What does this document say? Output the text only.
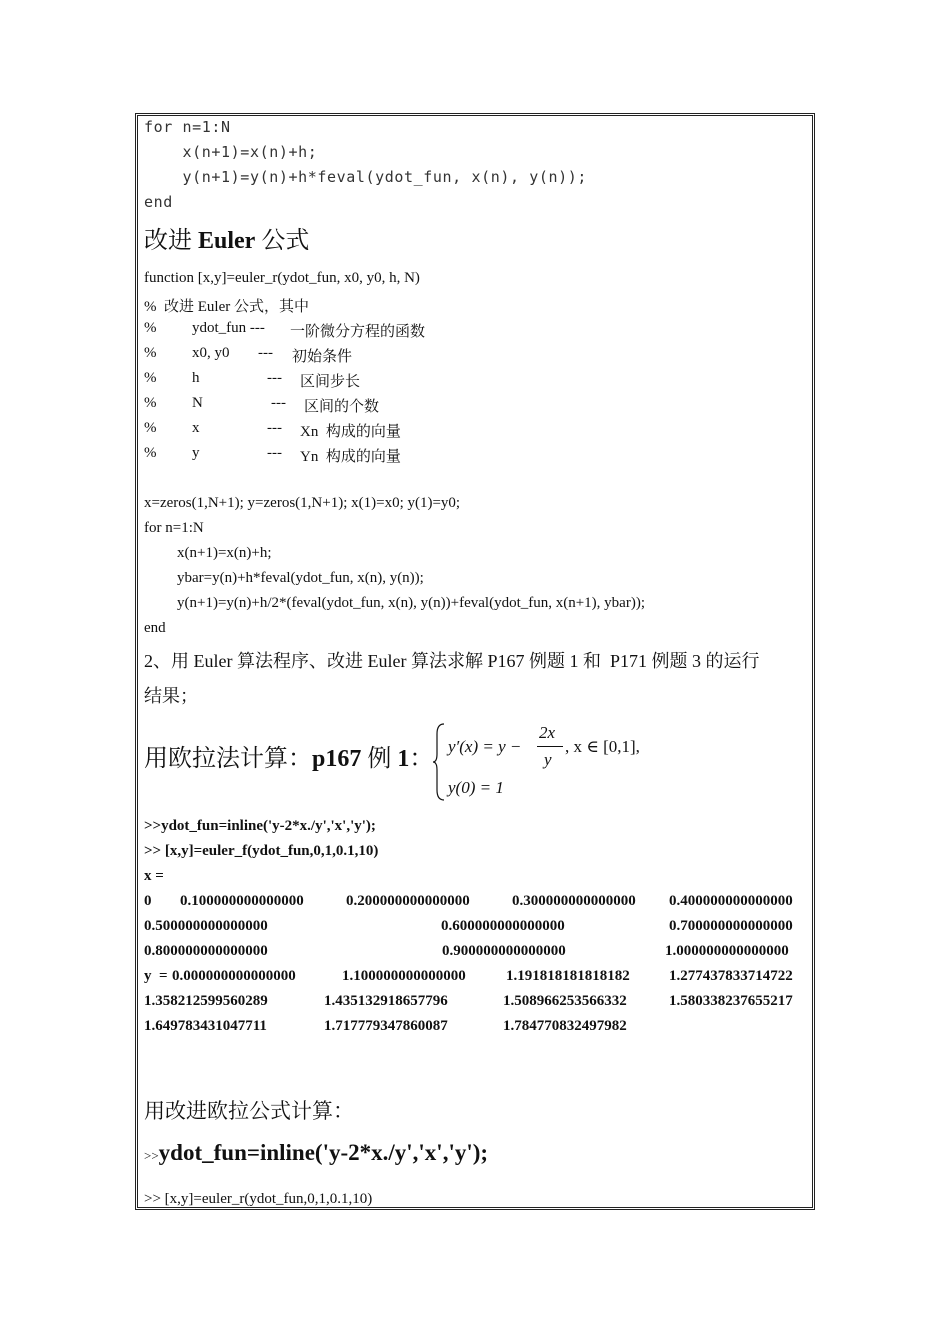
for n=1:N
x(n+1)=x(n)+h;
y(n+1)=y(n)+h*feval(ydot_fun, x(n), y(n));
end
改进 Euler 公式
function [x,y]=euler_r(ydot_fun, x0, y0, h, N)
% 改进 Euler 公式，其中
% ydot_fun --- 一阶微分方程的函数
% x0, y0 --- 初始条件
% h	--- 区间步长
% N	--- 区间的个数
% x	--- Xn  构成的向量
% y	--- Yn  构成的向量
x=zeros(1,N+1); y=zeros(1,N+1); x(1)=x0; y(1)=y0;
for n=1:N
x(n+1)=x(n)+h;
ybar=y(n)+h*feval(ydot_fun, x(n), y(n));
y(n+1)=y(n)+h/2*(feval(ydot_fun, x(n), y(n))+feval(ydot_fun, x(n+1), ybar));
end
2、用 Euler 算法程序、改进 Euler 算法求解 P167 例题 1 和  P171 例题 3 的运行
结果；
用欧拉法计算：p167 例 1： y′(x) = y −
2x
y
, x ∈ [0,1],
y(0) = 1
>>ydot_fun=inline('y-2*x./y','x','y');
>> [x,y]=euler_f(ydot_fun,0,1,0.1,10)
x =
0 0.100000000000000	0.200000000000000	0.300000000000000 0.400000000000000
0.500000000000000	0.600000000000000	0.700000000000000
0.800000000000000	0.900000000000000	1.000000000000000
y  = 0.000000000000000	1.100000000000000	1.191818181818182	1.277437833714722
1.358212599560289	1.435132918657796	1.508966253566332	1.580338237655217
1.649783431047711	1.717779347860087	1.784770832497982
用改进欧拉公式计算：
>>ydot_fun=inline('y-2*x./y','x','y');
>> [x,y]=euler_r(ydot_fun,0,1,0.1,10)
